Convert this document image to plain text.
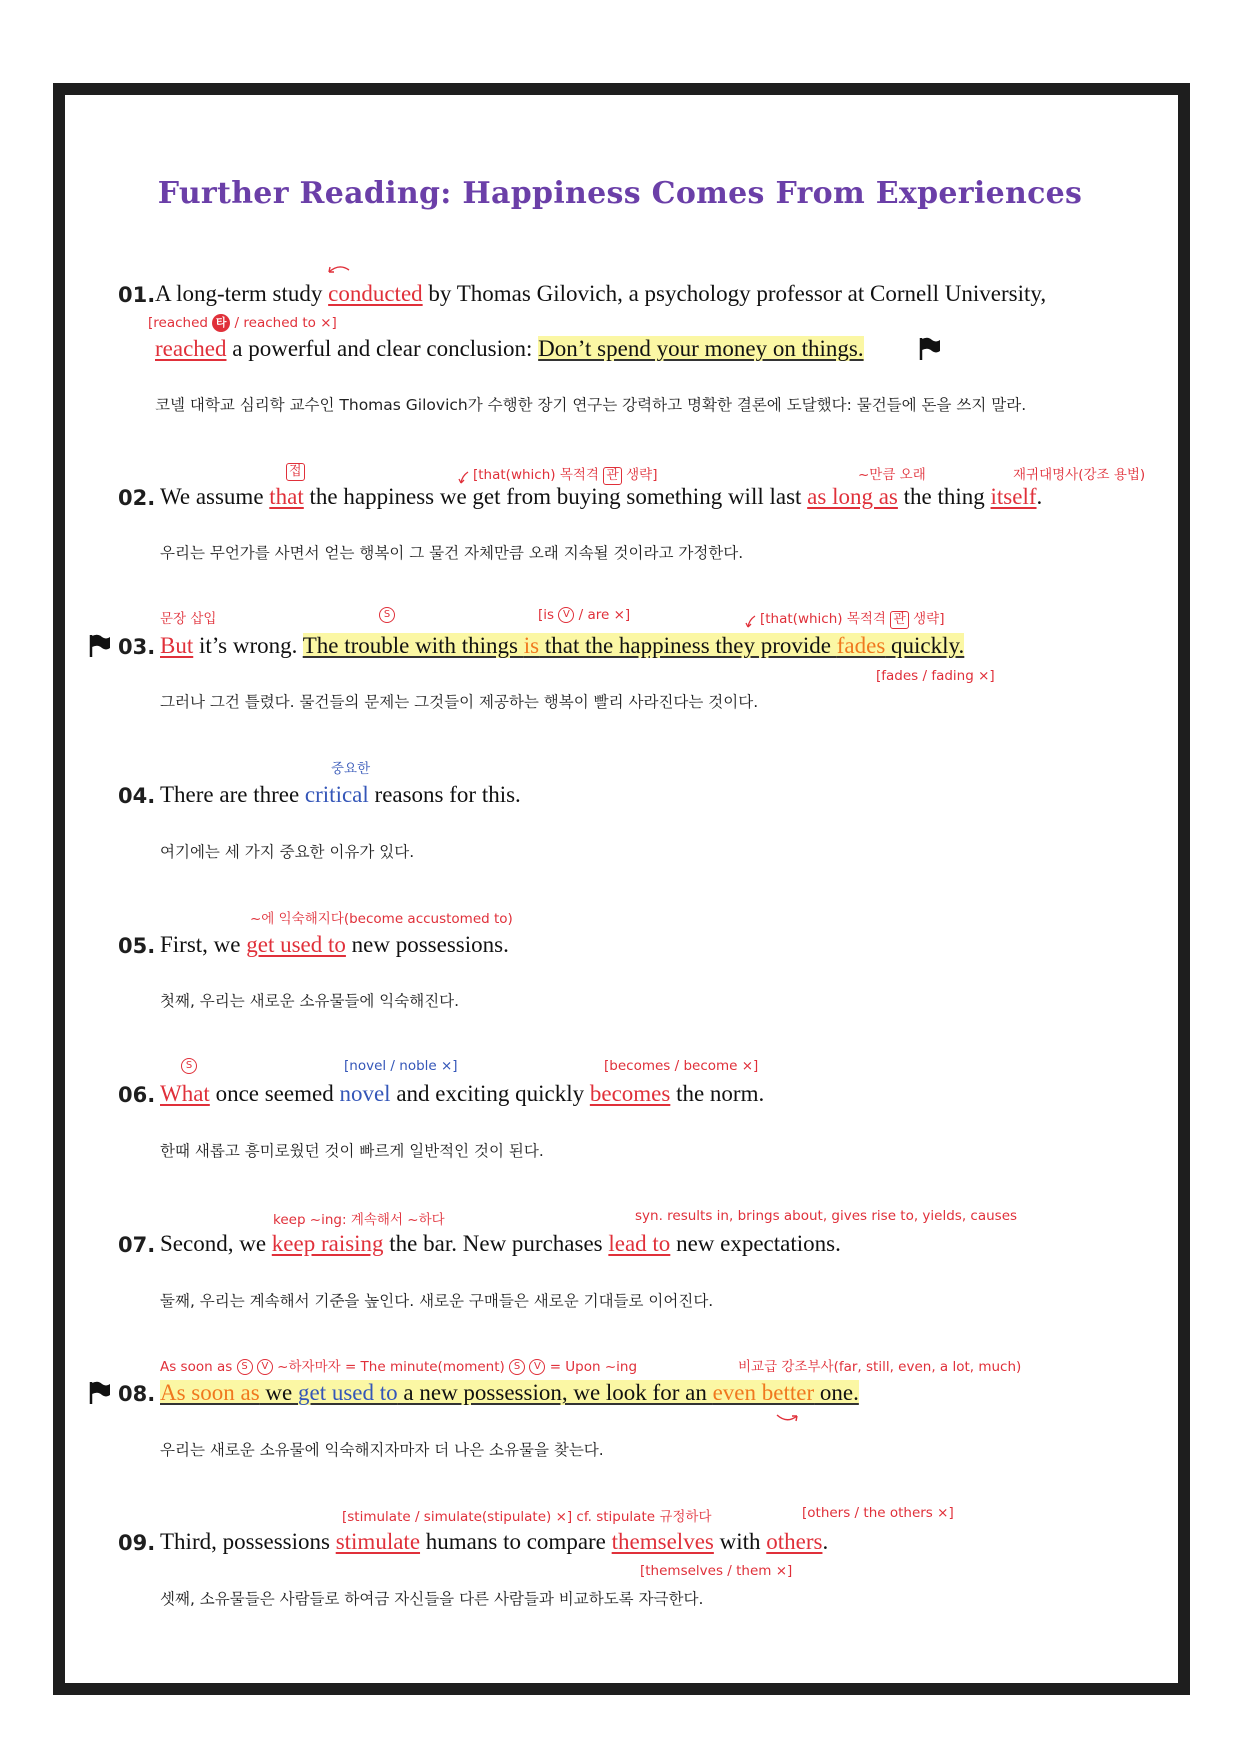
Further Reading: Happiness Comes From Experiences
01. A long-term study conducted by Thomas Gilovich, a psychology professor at Cornell University,
[reached 타 / reached to ×]
reached a powerful and clear conclusion: Don’t spend your money on things.
코넬 대학교 심리학 교수인 Thomas Gilovich가 수행한 장기 연구는 강력하고 명확한 결론에 도달했다: 물건들에 돈을 쓰지 말라.
접	[that(which) 목적격 관 생략]	~만큼 오래	재귀대명사(강조 용법)
02. We assume that the happiness we get from buying something will last as long as the thing itself.
우리는 무언가를 사면서 얻는 행복이 그 물건 자체만큼 오래 지속될 것이라고 가정한다.
문장 삽입	S	[is V / are ×]	[that(which) 목적격 관 생략]
03. But it’s wrong. The trouble with things is that the happiness they provide fades quickly.
[fades / fading ×]
그러나 그건 틀렸다. 물건들의 문제는 그것들이 제공하는 행복이 빨리 사라진다는 것이다.
중요한
04. There are three critical reasons for this.
여기에는 세 가지 중요한 이유가 있다.
~에 익숙해지다(become accustomed to)
05. First, we get used to new possessions.
첫째, 우리는 새로운 소유물들에 익숙해진다.
S	[novel / noble ×]	[becomes / become ×]
06. What once seemed novel and exciting quickly becomes the norm.
한때 새롭고 흥미로웠던 것이 빠르게 일반적인 것이 된다.
keep ~ing: 계속해서 ~하다	syn. results in, brings about, gives rise to, yields, causes
07. Second, we keep raising the bar. New purchases lead to new expectations.
둘째, 우리는 계속해서 기준을 높인다. 새로운 구매들은 새로운 기대들로 이어진다.
As soon as S V ~하자마자 = The minute(moment) S V = Upon ~ing	비교급 강조부사(far, still, even, a lot, much)
08. As soon as we get used to a new possession, we look for an even better one.
우리는 새로운 소유물에 익숙해지자마자 더 나은 소유물을 찾는다.
[stimulate / simulate(stipulate) ×] cf. stipulate 규정하다	[others / the others ×]
09. Third, possessions stimulate humans to compare themselves with others.
[themselves / them ×]
셋째, 소유물들은 사람들로 하여금 자신들을 다른 사람들과 비교하도록 자극한다.
